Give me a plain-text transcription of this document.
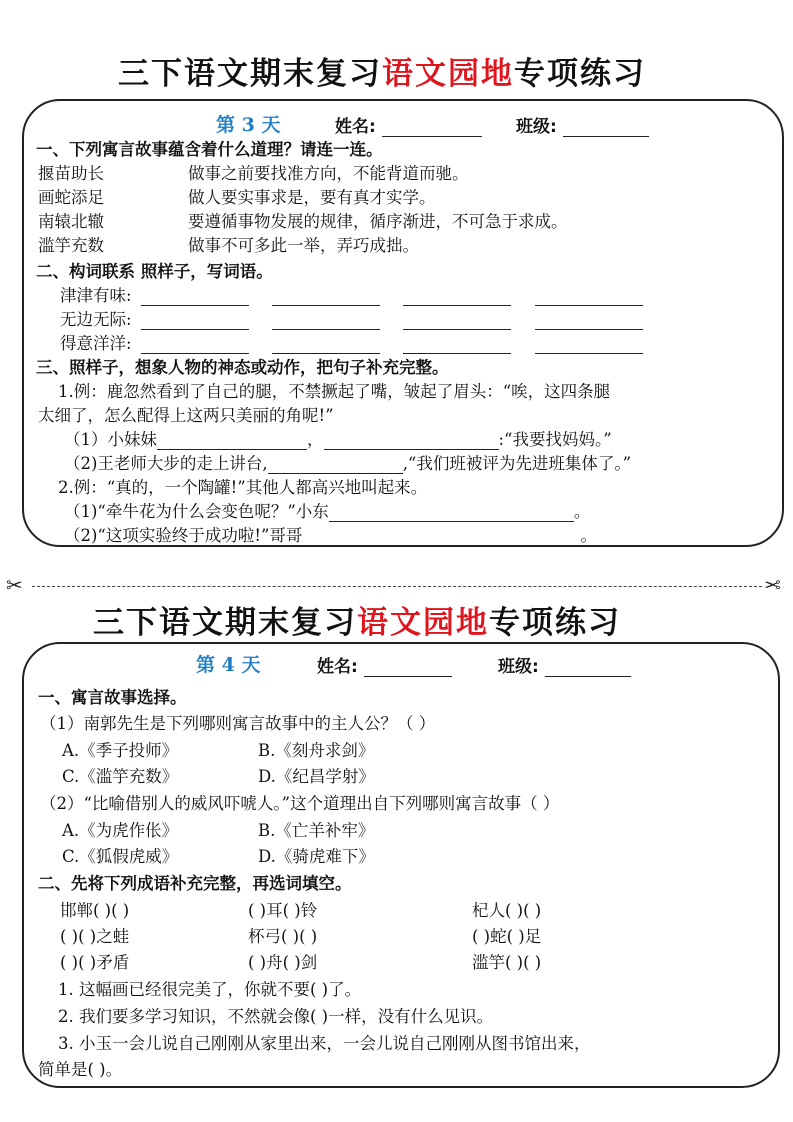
三下语文期末复习语文园地专项练习
第 3 天	姓名:	班级:
一、下列寓言故事蕴含着什么道理？请连一连。
揠苗助长	做事之前要找准方向，不能背道而驰。
画蛇添足	做人要实事求是，要有真才实学。
南辕北辙	要遵循事物发展的规律，循序渐进，不可急于求成。
滥竽充数	做事不可多此一举，弄巧成拙。
二、构词联系 照样子，写词语。
津津有味:
无边无际:
得意洋洋:
三、照样子，想象人物的神态或动作，把句子补充完整。
1.例：鹿忽然看到了自己的腿，不禁撅起了嘴，皱起了眉头：“唉，这四条腿
太细了，怎么配得上这两只美丽的角呢!”
（1）小妹妹	，	:“我要找妈妈。”
（2)王老师大步的走上讲台,	,“我们班被评为先进班集体了。”
2.例：“真的，一个陶罐!”其他人都高兴地叫起来。
（1)“牵牛花为什么会变色呢？”小东	。
（2)“这项实验终于成功啦!”哥哥	。
✂	✂
三下语文期末复习语文园地专项练习
第 4 天	姓名:	班级:
一、寓言故事选择。
（1）南郭先生是下列哪则寓言故事中的主人公？（ ）
A.《季子投师》	B.《刻舟求剑》
C.《滥竽充数》	D.《纪昌学射》
（2）“比喻借别人的威风吓唬人。”这个道理出自下列哪则寓言故事（ ）
A.《为虎作伥》	B.《亡羊补牢》
C.《狐假虎威》	D.《骑虎难下》
二、先将下列成语补充完整，再选词填空。
邯郸( )( )	( )耳( )铃	杞人( )( )
( )( )之蛙	杯弓( )( )	( )蛇( )足
( )( )矛盾	( )舟( )剑	滥竽( )( )
1. 这幅画已经很完美了，你就不要( )了。
2. 我们要多学习知识，不然就会像( )一样，没有什么见识。
3. 小玉一会儿说自己刚刚从家里出来，一会儿说自己刚刚从图书馆出来，
简单是( )。
